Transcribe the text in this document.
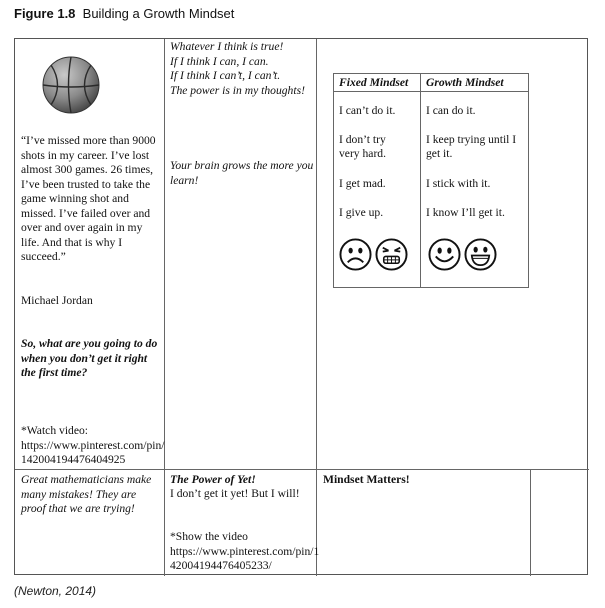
Figure 1.8 Building a Growth Mindset
“I’ve missed more than 9000 shots in my career. I’ve lost almost 300 games. 26 times, I’ve been trusted to take the game winning shot and missed. I’ve failed over and over and over again in my life. And that is why I succeed.”
Michael Jordan
So, what are you going to do when you don’t get it right the first time?
*Watch video:
https://www.pinterest.com/pin/142004194476404925
Whatever I think is true!
If I think I can, I can.
If I think I can’t, I can’t.
The power is in my thoughts!
Your brain grows the more you learn!
Fixed Mindset
I can’t do it.
I don’t try very hard.
I get mad.
I give up.
Growth Mindset
I can do it.
I keep trying until I get it.
I stick with it.
I know I’ll get it.
Great mathematicians make many mistakes! They are proof that we are trying!
The Power of Yet!
I don’t get it yet! But I will!
*Show the video
https://www.pinterest.com/pin/142004194476405233/
Mindset Matters!
(Newton, 2014)
